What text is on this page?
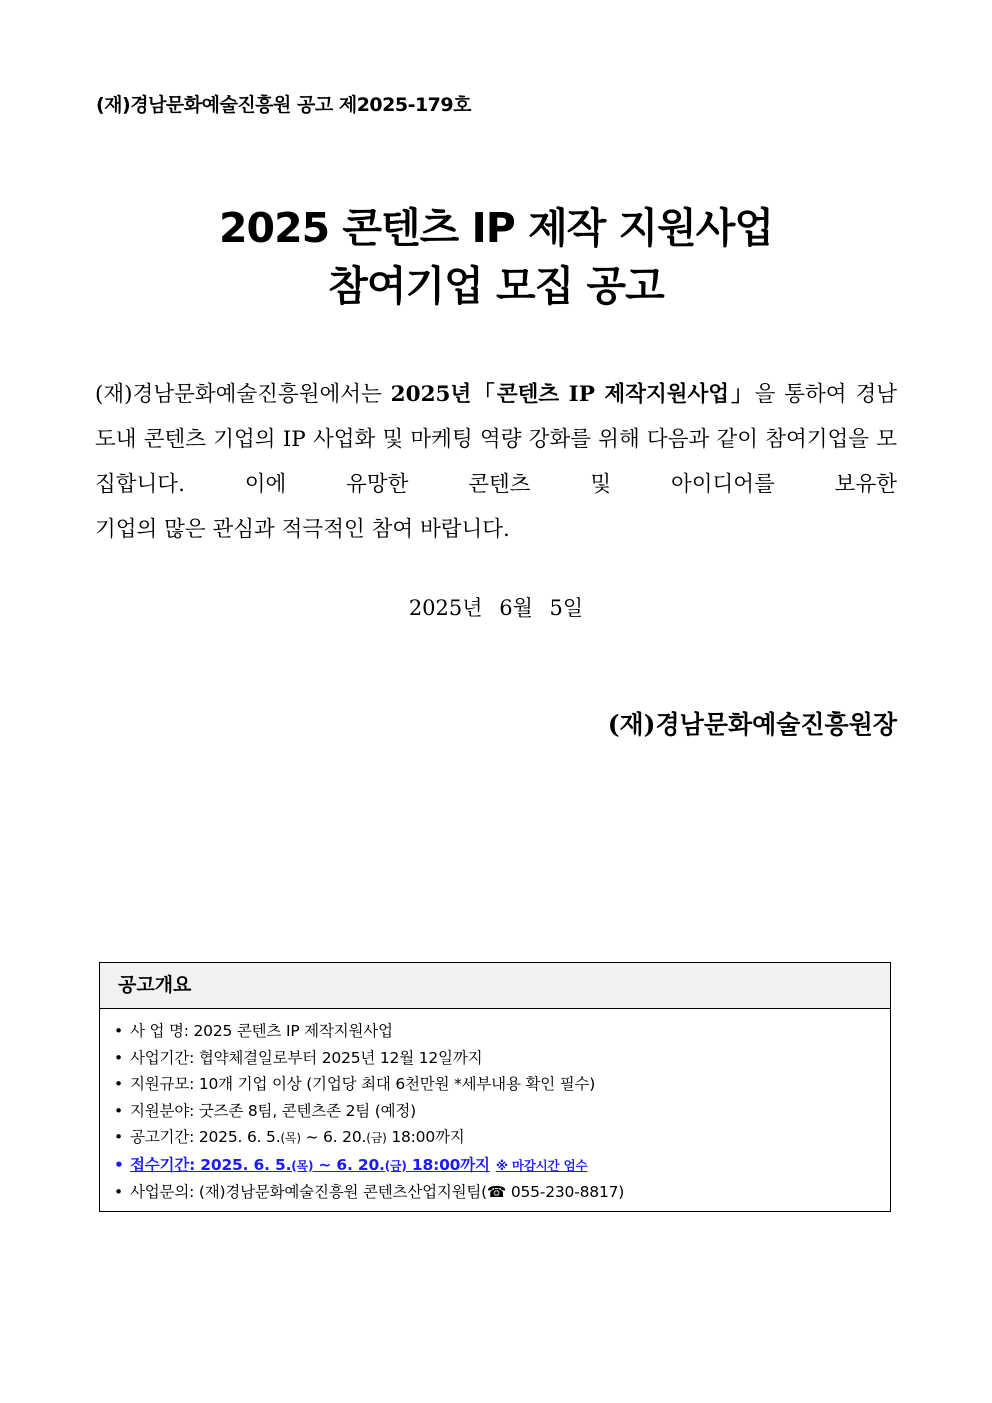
(재)경남문화예술진흥원 공고 제2025-179호
2025 콘텐츠 IP 제작 지원사업
참여기업 모집 공고

(재)경남문화예술진흥원에서는 2025년「콘텐츠 IP 제작지원사업」을 통하여 경남 도내 콘텐츠 기업의 IP 사업화 및 마케팅 역량 강화를 위해 다음과 같이 참여기업을 모집합니다. 이에 유망한 콘텐츠 및 아이디어를 보유한

기업의 많은 관심과 적극적인 참여 바랍니다.

2025년 6월 5일
(재)경남문화예술진흥원장
공고개요
• 사 업 명: 2025 콘텐츠 IP 제작지원사업
• 사업기간: 협약체결일로부터 2025년 12월 12일까지
• 지원규모: 10개 기업 이상 (기업당 최대 6천만원 *세부내용 확인 필수)
• 지원분야: 굿즈존 8팀, 콘텐츠존 2팀 (예정)
• 공고기간: 2025. 6. 5.(목) ~ 6. 20.(금) 18:00까지
• 접수기간: 2025. 6. 5.(목) ~ 6. 20.(금) 18:00까지 ※ 마감시간 엄수
• 사업문의: (재)경남문화예술진흥원 콘텐츠산업지원팀(☎ 055-230-8817)
